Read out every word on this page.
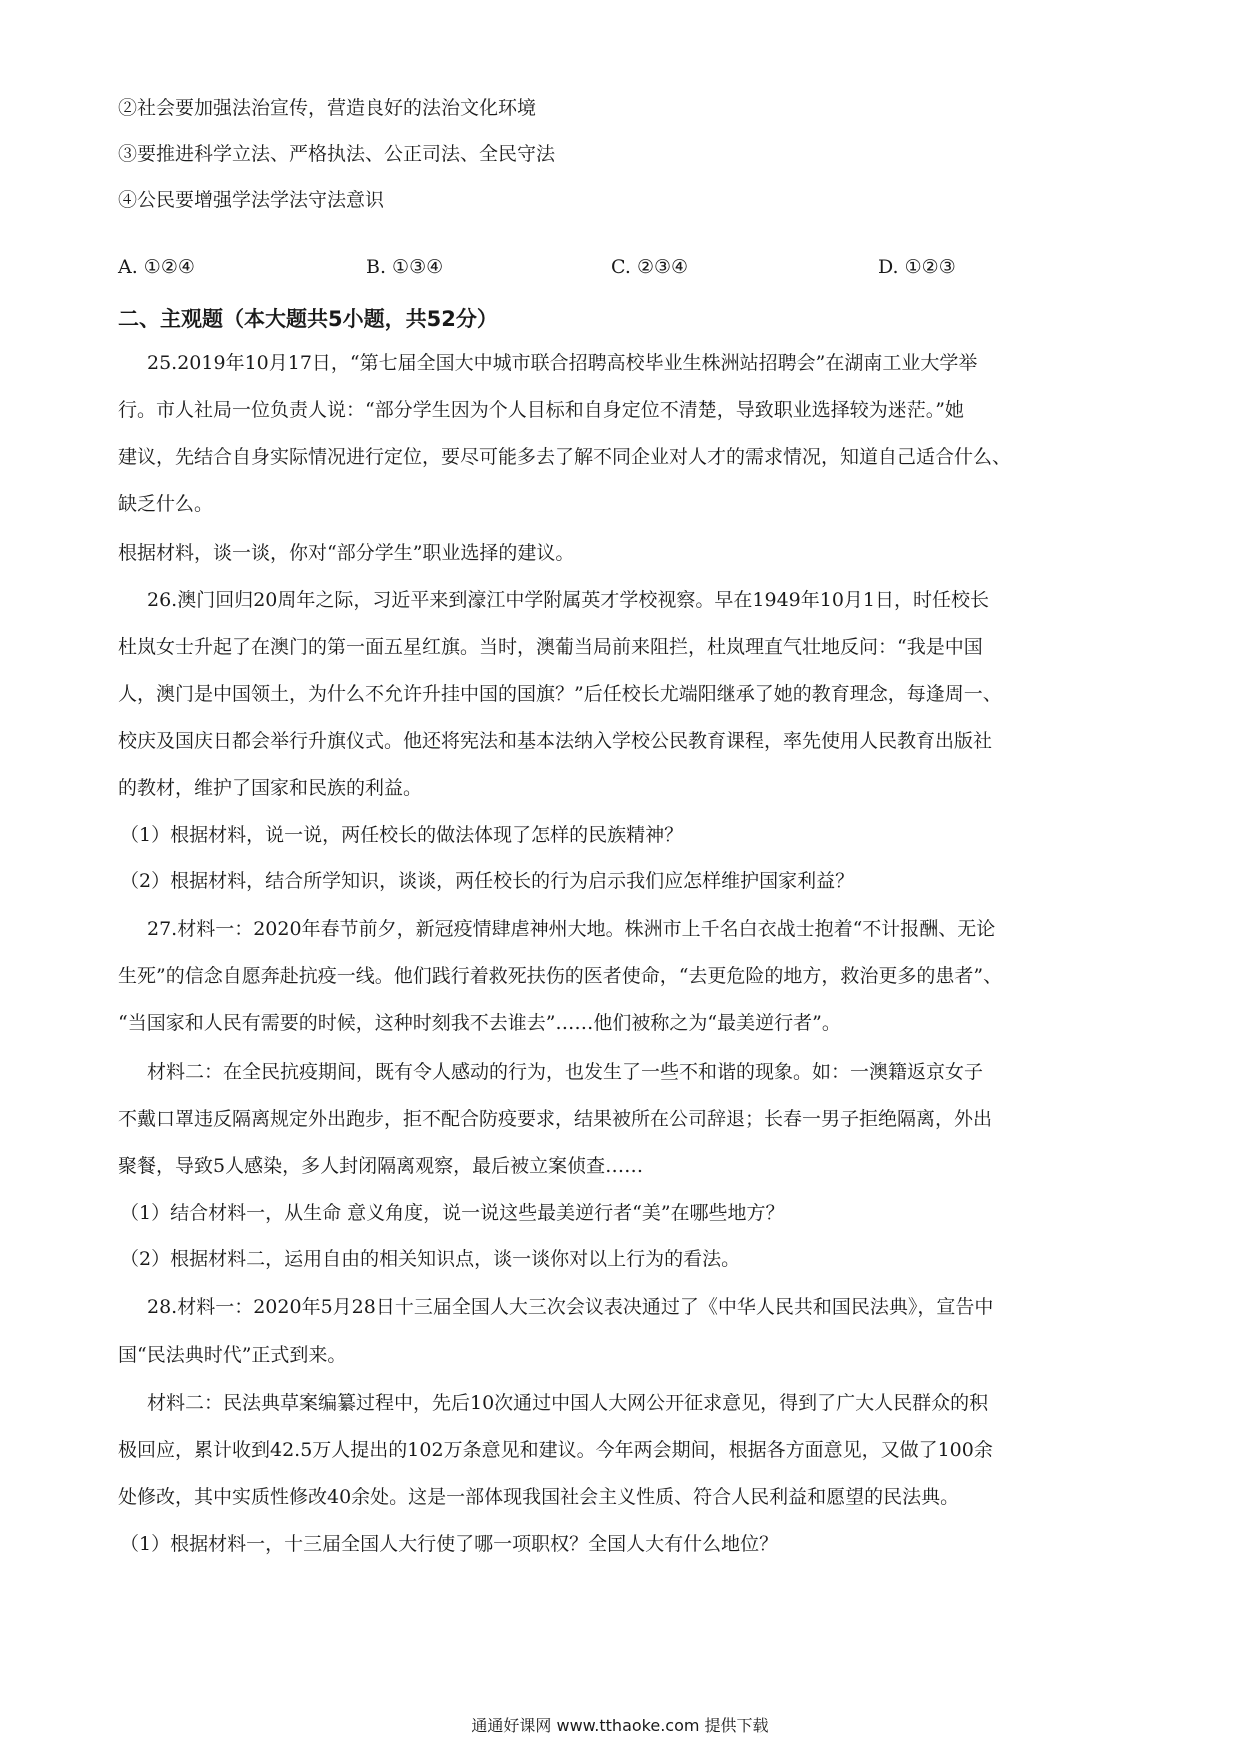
②社会要加强法治宣传，营造良好的法治文化环境
③要推进科学立法、严格执法、公正司法、全民守法
④公民要增强学法学法守法意识
A. ①②④	B. ①③④	C. ②③④	D. ①②③
二、主观题（本大题共5小题，共52分）
25.2019年10月17日，“第七届全国大中城市联合招聘高校毕业生株洲站招聘会”在湖南工业大学举
行。市人社局一位负责人说：“部分学生因为个人目标和自身定位不清楚，导致职业选择较为迷茫。”她
建议，先结合自身实际情况进行定位，要尽可能多去了解不同企业对人才的需求情况，知道自己适合什么、
缺乏什么。
根据材料，谈一谈，你对“部分学生”职业选择的建议。
26.澳门回归20周年之际，习近平来到濠江中学附属英才学校视察。早在1949年10月1日，时任校长
杜岚女士升起了在澳门的第一面五星红旗。当时，澳葡当局前来阻拦，杜岚理直气壮地反问：“我是中国
人，澳门是中国领土，为什么不允许升挂中国的国旗？”后任校长尤端阳继承了她的教育理念，每逢周一、
校庆及国庆日都会举行升旗仪式。他还将宪法和基本法纳入学校公民教育课程，率先使用人民教育出版社
的教材，维护了国家和民族的利益。
（1）根据材料，说一说，两任校长的做法体现了怎样的民族精神？
（2）根据材料，结合所学知识，谈谈，两任校长的行为启示我们应怎样维护国家利益？
27.材料一：2020年春节前夕，新冠疫情肆虐神州大地。株洲市上千名白衣战士抱着“不计报酬、无论
生死”的信念自愿奔赴抗疫一线。他们践行着救死扶伤的医者使命，“去更危险的地方，救治更多的患者”、
“当国家和人民有需要的时候，这种时刻我不去谁去”……他们被称之为“最美逆行者”。
材料二：在全民抗疫期间，既有令人感动的行为，也发生了一些不和谐的现象。如：一澳籍返京女子
不戴口罩违反隔离规定外出跑步，拒不配合防疫要求，结果被所在公司辞退；长春一男子拒绝隔离，外出
聚餐，导致5人感染，多人封闭隔离观察，最后被立案侦查……
（1）结合材料一，从生命 意义角度，说一说这些最美逆行者“美”在哪些地方？
（2）根据材料二，运用自由的相关知识点，谈一谈你对以上行为的看法。
28.材料一：2020年5月28日十三届全国人大三次会议表决通过了《中华人民共和国民法典》，宣告中
国“民法典时代”正式到来。
材料二：民法典草案编纂过程中，先后10次通过中国人大网公开征求意见，得到了广大人民群众的积
极回应，累计收到42.5万人提出的102万条意见和建议。今年两会期间，根据各方面意见，又做了100余
处修改，其中实质性修改40余处。这是一部体现我国社会主义性质、符合人民利益和愿望的民法典。
（1）根据材料一，十三届全国人大行使了哪一项职权？全国人大有什么地位？
通通好课网 www.tthaoke.com 提供下载
